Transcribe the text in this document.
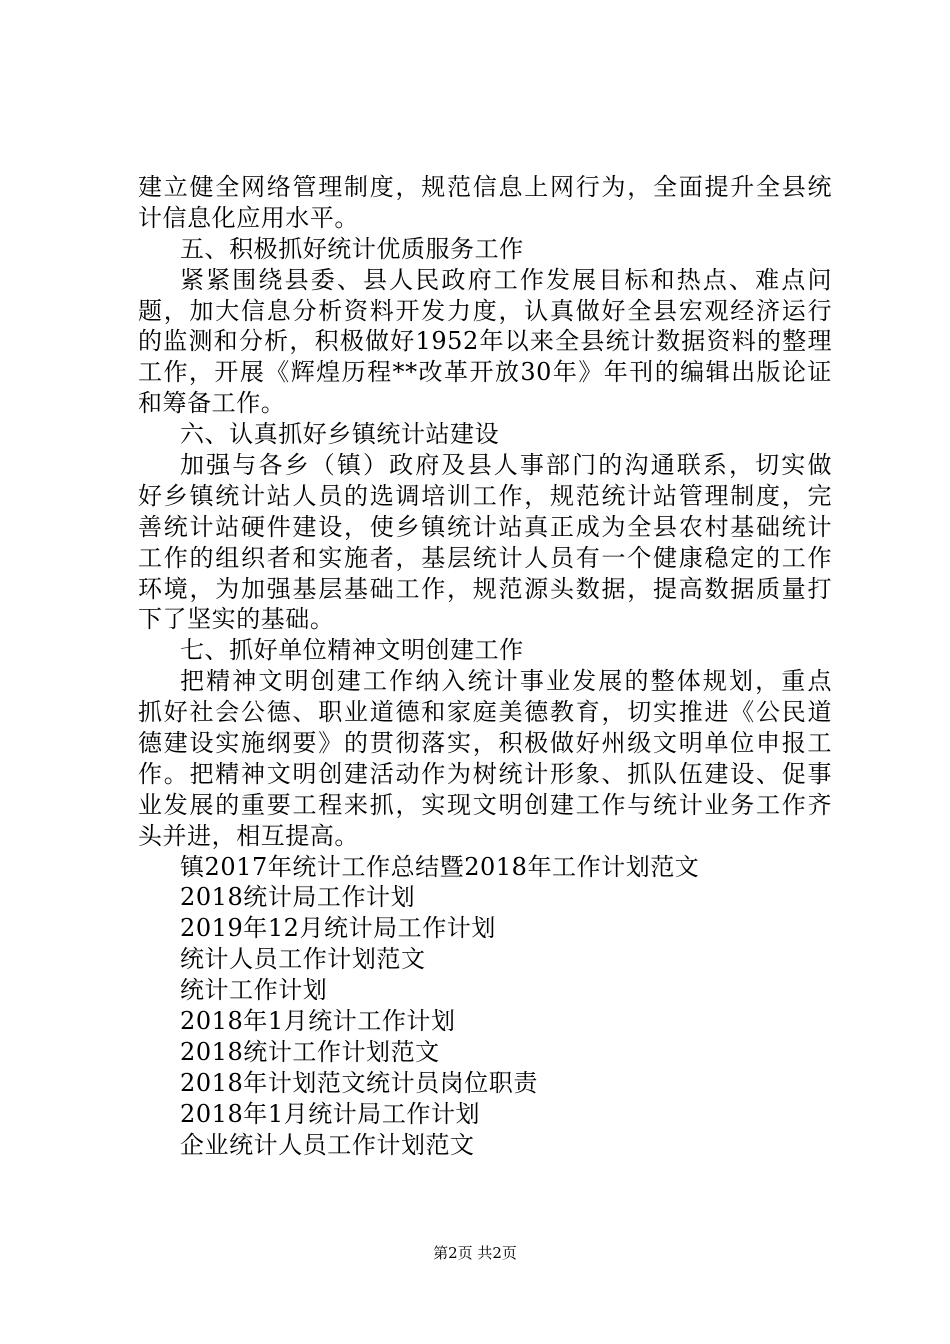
建立健全网络管理制度，规范信息上网行为，全面提升全县统
计信息化应用水平。
五、积极抓好统计优质服务工作
紧紧围绕县委、县人民政府工作发展目标和热点、难点问
题，加大信息分析资料开发力度，认真做好全县宏观经济运行
的监测和分析，积极做好1952年以来全县统计数据资料的整理
工作，开展《辉煌历程**改革开放30年》年刊的编辑出版论证
和筹备工作。
六、认真抓好乡镇统计站建设
加强与各乡（镇）政府及县人事部门的沟通联系，切实做
好乡镇统计站人员的选调培训工作，规范统计站管理制度，完
善统计站硬件建设，使乡镇统计站真正成为全县农村基础统计
工作的组织者和实施者，基层统计人员有一个健康稳定的工作
环境，为加强基层基础工作，规范源头数据，提高数据质量打
下了坚实的基础。
七、抓好单位精神文明创建工作
把精神文明创建工作纳入统计事业发展的整体规划，重点
抓好社会公德、职业道德和家庭美德教育，切实推进《公民道
德建设实施纲要》的贯彻落实，积极做好州级文明单位申报工
作。把精神文明创建活动作为树统计形象、抓队伍建设、促事
业发展的重要工程来抓，实现文明创建工作与统计业务工作齐
头并进，相互提高。
镇2017年统计工作总结暨2018年工作计划范文
2018统计局工作计划
2019年12月统计局工作计划
统计人员工作计划范文
统计工作计划
2018年1月统计工作计划
2018统计工作计划范文
2018年计划范文统计员岗位职责
2018年1月统计局工作计划
企业统计人员工作计划范文
第2页 共2页
